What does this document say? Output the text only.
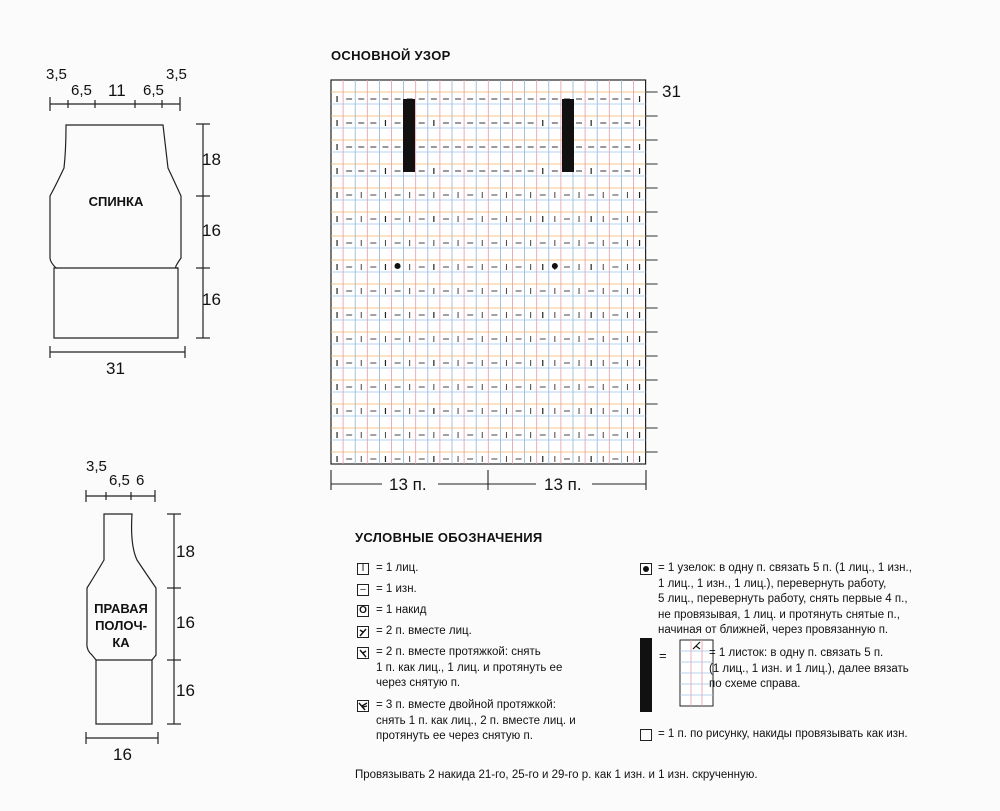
3,5
6,5 11 6,5
3,5
СПИНКА
18
16
16
31
3,5
6,5 6
ПРАВАЯ
ПОЛОЧ-
КА
18
16
16
16
ОСНОВНОЙ УЗОР
31
13 п.	13 п.
УСЛОВНЫЕ ОБОЗНАЧЕНИЯ
I	= 1 лиц.
– = 1 изн.
O = 1 накид
= 2 п. вместе лиц.
= 2 п. вместе протяжкой: снять
1 п. как лиц., 1 лиц. и протянуть ее
через снятую п.
= 3 п. вместе двойной протяжкой:
снять 1 п. как лиц., 2 п. вместе лиц. и
протянуть ее через снятую п.
= 1 узелок: в одну п. связать 5 п. (1 лиц., 1 изн.,
1 лиц., 1 изн., 1 лиц.), перевернуть работу,
5 лиц., перевернуть работу, снять первые 4 п.,
не провязывая, 1 лиц. и протянуть снятые п.,
начиная от ближней, через провязанную п.
=	= 1 листок: в одну п. связать 5 п.
(1 лиц., 1 изн. и 1 лиц.), далее вязать
по схеме справа.
= 1 п. по рисунку, накиды провязывать как изн.
Провязывать 2 накида 21-го, 25-го и 29-го р. как 1 изн. и 1 изн. скрученную.
